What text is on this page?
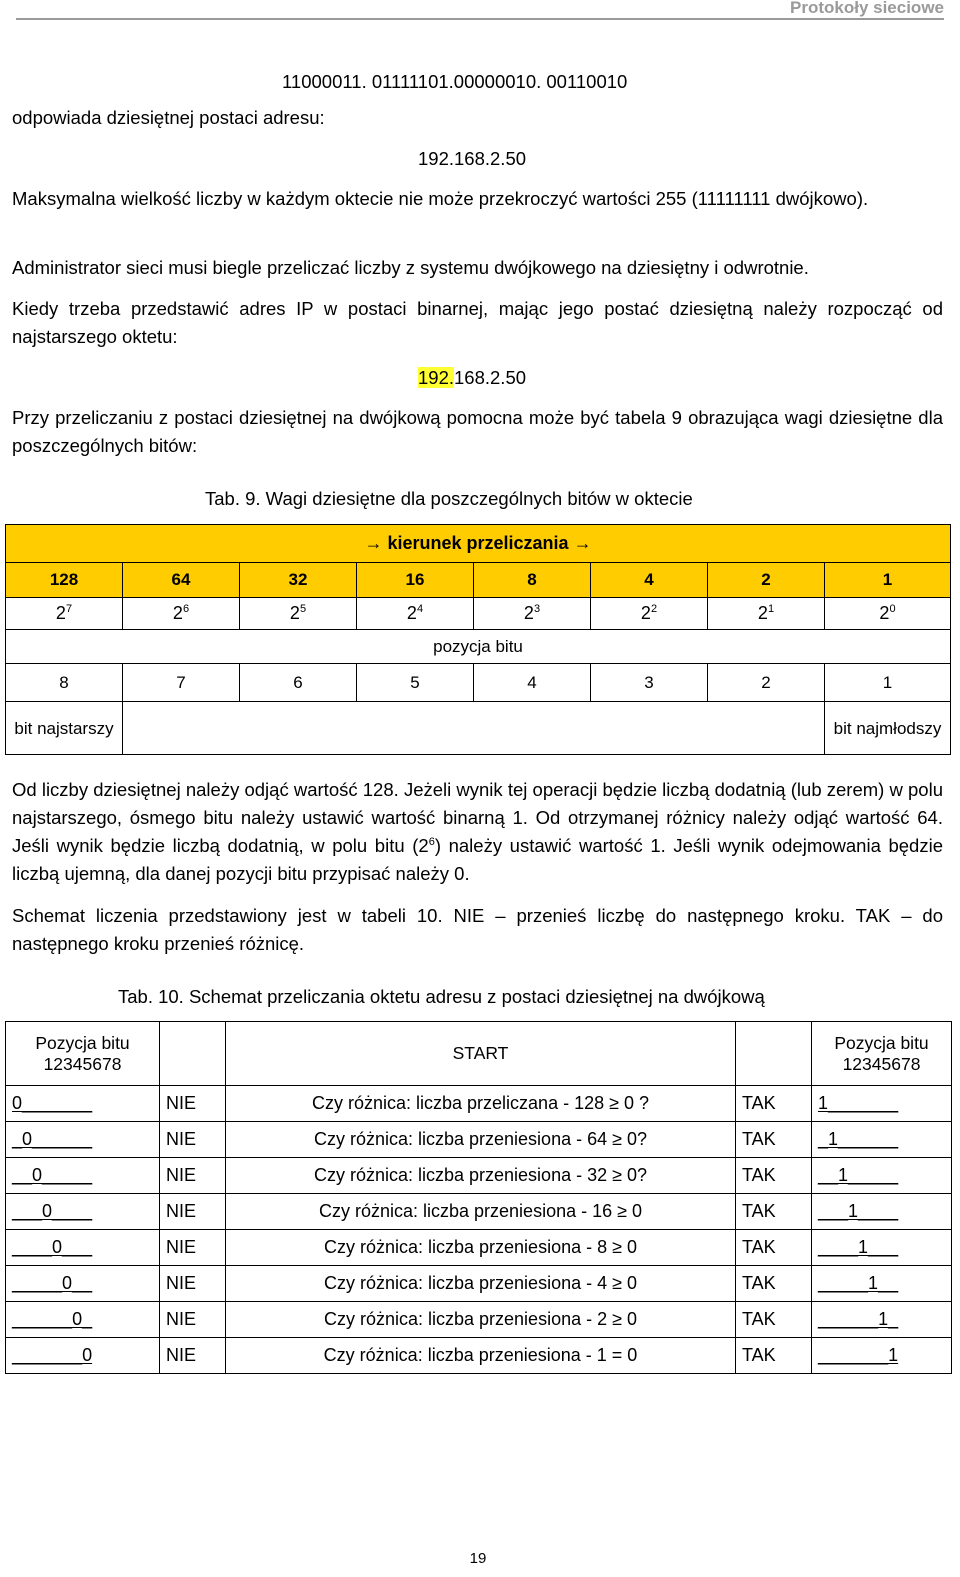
Protokoły sieciowe
11000011. 01111101.00000010. 00110010
odpowiada dziesiętnej postaci adresu:
192.168.2.50
Maksymalna wielkość liczby w każdym oktecie nie może przekroczyć wartości 255 (11111111 dwójkowo).
Administrator sieci musi biegle przeliczać liczby z systemu dwójkowego na dziesiętny i odwrotnie.
Kiedy trzeba przedstawić adres IP w postaci binarnej, mając jego postać dziesiętną należy rozpocząć od najstarszego oktetu:
192.168.2.50
Przy przeliczaniu z postaci dziesiętnej na dwójkową pomocna może być tabela 9 obrazująca wagi dziesiętne dla poszczególnych bitów:
Tab. 9. Wagi dziesiętne dla poszczególnych bitów w oktecie
→ kierunek przeliczania →							
128	64	32	16	8	4	2	1
$2^7$	$2^6$	$2^5$	$2^4$	$2^3$	$2^2$	$2^1$	$2^0$
pozycja bitu							
8	7	6	5	4	3	2	1
bit najstarszy							bit najmłodszy
Od liczby dziesiętnej należy odjąć wartość 128. Jeżeli wynik tej operacji będzie liczbą dodatnią (lub zerem) w polu najstarszego, ósmego bitu należy ustawić wartość binarną 1. Od otrzymanej różnicy należy odjąć wartość 64. Jeśli wynik będzie liczbą dodatnią, w polu bitu $(2^6)$ należy ustawić wartość 1. Jeśli wynik odejmowania będzie liczbą ujemną, dla danej pozycji bitu przypisać należy 0.
Schemat liczenia przedstawiony jest w tabeli 10. NIE – przenieś liczbę do następnego kroku. TAK – do następnego kroku przenieś różnicę.
Tab. 10. Schemat przeliczania oktetu adresu z postaci dziesiętnej na dwójkową
Pozycja bitu 12345678		START		Pozycja bitu 12345678
0_______	NIE	Czy różnica: liczba przeliczana - 128 ≥ 0 ?	TAK	1_______
_0______	NIE	Czy różnica: liczba przeniesiona - 64 ≥ 0?	TAK	_1______
__0_____	NIE	Czy różnica: liczba przeniesiona - 32 ≥ 0?	TAK	__1_____
___0____	NIE	Czy różnica: liczba przeniesiona - 16 ≥ 0	TAK	___1____
____0___	NIE	Czy różnica: liczba przeniesiona - 8 ≥ 0	TAK	____1___
_____0__	NIE	Czy różnica: liczba przeniesiona - 4 ≥ 0	TAK	_____1__
______0_	NIE	Czy różnica: liczba przeniesiona - 2 ≥ 0	TAK	______1_
_______0	NIE	Czy różnica: liczba przeniesiona - 1 = 0	TAK	_______1
19
